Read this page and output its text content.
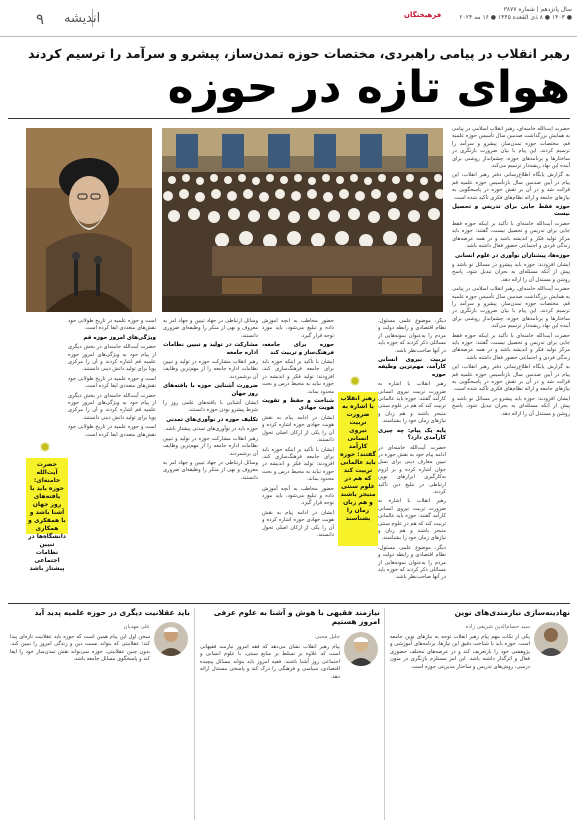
۹ اندیشه	فرهیختگان
سال پانزدهم | شماره ۳۸۷۷
● ۱۴۰۳ ● ۸ ذی القعده ۱۴۴۵ ● ۱۶ مه ۲۰۲۴
رهبر انقلاب در پیامی راهبردی، مختصات حوزه تمدن‌ساز، پیشرو و سرآمد را ترسیم کردند
هوای تازه در حوزه

حضرت آیت‌الله خامنه‌ای، رهبر انقلاب اسلامی در پیامی به همایش بزرگداشت صدمین سال تأسیس حوزه علمیه قم، مختصات حوزه تمدن‌ساز، پیشرو و سرآمد را ترسیم کردند. این پیام با بیان ضرورت بازنگری در ساختارها و برنامه‌های حوزه، چشم‌انداز روشنی برای آینده این نهاد ریشه‌دار ترسیم می‌کند.

به گزارش پایگاه اطلاع‌رسانی دفتر رهبر انقلاب، این پیام در آیین صدمین سال بازتأسیس حوزه علمیه قم قرائت شد و در آن بر نقش حوزه در پاسخگویی به نیازهای جامعه و ارائه نظام‌های فکری تأکید شده است.

حوزه فقط جایی برای تدریس و تحصیل نیست

حضرت آیت‌الله خامنه‌ای با تأکید بر اینکه حوزه فقط جایی برای تدریس و تحصیل نیست، گفتند: حوزه باید مرکز تولید فکر و اندیشه باشد و در همه عرصه‌های زندگی فردی و اجتماعی حضور فعال داشته باشد.

حوزه‌ها، پیشتازان نوآوری در علوم انسانی

ایشان افزودند: حوزه باید پیشرو در مسائل نو باشد و پیش از آنکه مسئله‌ای به بحران تبدیل شود، پاسخ روشن و مستدل آن را ارائه دهد.

حضرت آیت‌الله خامنه‌ای، رهبر انقلاب اسلامی در پیامی به همایش بزرگداشت صدمین سال تأسیس حوزه علمیه قم، مختصات حوزه تمدن‌ساز، پیشرو و سرآمد را ترسیم کردند. این پیام با بیان ضرورت بازنگری در ساختارها و برنامه‌های حوزه، چشم‌انداز روشنی برای آینده این نهاد ریشه‌دار ترسیم می‌کند.

حضرت آیت‌الله خامنه‌ای با تأکید بر اینکه حوزه فقط جایی برای تدریس و تحصیل نیست، گفتند: حوزه باید مرکز تولید فکر و اندیشه باشد و در همه عرصه‌های زندگی فردی و اجتماعی حضور فعال داشته باشد.

به گزارش پایگاه اطلاع‌رسانی دفتر رهبر انقلاب، این پیام در آیین صدمین سال بازتأسیس حوزه علمیه قم قرائت شد و در آن بر نقش حوزه در پاسخگویی به نیازهای جامعه و ارائه نظام‌های فکری تأکید شده است.

ایشان افزودند: حوزه باید پیشرو در مسائل نو باشد و پیش از آنکه مسئله‌ای به بحران تبدیل شود، پاسخ روشن و مستدل آن را ارائه دهد.

دیگر، موضوع علمی مسئول، نظام اقتصادی و رابطه دولت و مردم را به‌عنوان نمونه‌هایی از مسائلی ذکر کردند که حوزه باید در آنها صاحب‌نظر باشد.

تربیت نیروی انسانی کارآمد، مهم‌ترین وظیفه حوزه

رهبر انقلاب با اشاره به ضرورت تربیت نیروی انسانی کارآمد گفتند: حوزه باید عالمانی تربیت کند که هم در علوم سنتی متبحر باشند و هم زبان و نیازهای زمان خود را بشناسند.

پایه یک پیام: چه چیزی کارآمدی دارد؟

حضرت آیت‌الله خامنه‌ای در ادامه پیام خود به نقش حوزه در تبیین معارف دینی برای نسل جوان اشاره کرده و بر لزوم به‌کارگیری ابزارهای نوین ارتباطی در تبلیغ دین تأکید کردند.

رهبر انقلاب با اشاره به ضرورت تربیت نیروی انسانی کارآمد گفتند: حوزه باید عالمانی تربیت کند که هم در علوم سنتی متبحر باشند و هم زبان و نیازهای زمان خود را بشناسند.

دیگر، موضوع علمی مسئول، نظام اقتصادی و رابطه دولت و مردم را به‌عنوان نمونه‌هایی از مسائلی ذکر کردند که حوزه باید در آنها صاحب‌نظر باشد.

✹
رهبر انقلاب با اشاره به ضرورت تربیت نیروی انسانی کارآمد گفتند: حوزه باید عالمانی تربیت کند که هم در علوم سنتی متبحر باشند و هم زبان زمان را بشناسند

حضور مخاطب به آنچه آموزش داده و تبلیغ می‌شود، باید مورد توجه قرار گیرد.

حوزه برای جامعه، فرهنگ‌ساز و تربیت کند

ایشان با تأکید بر اینکه حوزه باید برای جامعه فرهنگ‌سازی کند، افزودند: تولید فکر و اندیشه در حوزه نباید به محیط درس و بحث محدود بماند.

شناخت و حفظ و تقویت هویت جهادی

ایشان در ادامه پیام به نقش هویت جهادی حوزه اشاره کرده و آن را یکی از ارکان اصلی تحول دانستند.

ایشان با تأکید بر اینکه حوزه باید برای جامعه فرهنگ‌سازی کند، افزودند: تولید فکر و اندیشه در حوزه نباید به محیط درس و بحث محدود بماند.

حضور مخاطب به آنچه آموزش داده و تبلیغ می‌شود، باید مورد توجه قرار گیرد.

ایشان در ادامه پیام به نقش هویت جهادی حوزه اشاره کرده و آن را یکی از ارکان اصلی تحول دانستند.

وسائل ارتباطی در جهاد تبیین و جهاد امر به معروف و نهی از منکر را وظیفه‌ای ضروری دانستند.

مشارکت در تولید و تبیین نظامات اداره جامعه

رهبر انقلاب مشارکت حوزه در تولید و تبیین نظامات اداره جامعه را از مهم‌ترین وظایف آن برشمردند.

ضرورت آشنایی حوزه با یافته‌های روز جهان

ایشان آشنایی با یافته‌های علمی روز را شرط پیشرو بودن حوزه دانستند.

تکلیف حوزه در نوآوری‌های تمدنی

حوزه باید در نوآوری‌های تمدنی پیشتاز باشد.

رهبر انقلاب مشارکت حوزه در تولید و تبیین نظامات اداره جامعه را از مهم‌ترین وظایف آن برشمردند.

وسائل ارتباطی در جهاد تبیین و جهاد امر به معروف و نهی از منکر را وظیفه‌ای ضروری دانستند.

است و حوزه علمیه در تاریخ طولانی خود نقش‌های متعددی ایفا کرده است.

ویژگی‌های امروز حوزه قم

حضرت آیت‌الله خامنه‌ای در بخش دیگری از پیام خود به ویژگی‌های امروز حوزه علمیه قم اشاره کردند و آن را مرکزی پویا برای تولید دانش دینی دانستند.

است و حوزه علمیه در تاریخ طولانی خود نقش‌های متعددی ایفا کرده است.

حضرت آیت‌الله خامنه‌ای در بخش دیگری از پیام خود به ویژگی‌های امروز حوزه علمیه قم اشاره کردند و آن را مرکزی پویا برای تولید دانش دینی دانستند.

است و حوزه علمیه در تاریخ طولانی خود نقش‌های متعددی ایفا کرده است.

✹
حضرت آیت‌الله خامنه‌ای: حوزه باید با یافته‌های روز جهان آشنا باشد و با همفکری و همکاری دانشگاه‌ها در تبیین نظامات اجتماعی پیشتاز باشد
نهادینه‌سازی نیازمندی‌های نوین
سید حسام‌الدین شریفی زاده
یکی از نکات مهم پیام رهبر انقلاب توجه به نیازهای نوین جامعه است. حوزه باید با شناخت دقیق این نیازها، برنامه‌های آموزشی و پژوهشی خود را بازتعریف کند و در عرصه‌های مختلف حضوری فعال و اثرگذار داشته باشد. این امر مستلزم بازنگری در متون درسی، روش‌های تدریس و ساختار مدیریتی حوزه است.
نیازمند فقیهی با هوش و آشنا به علوم عرفی امروز هستیم
جلیل محبی
پیام رهبر انقلاب نشان می‌دهد که فقه امروز نیازمند فقیهانی است که علاوه بر تسلط بر منابع سنتی، با علوم انسانی و اجتماعی روز آشنا باشند. فقیه امروز باید بتواند مسائل پیچیده اقتصادی، سیاسی و فرهنگی را درک کند و پاسخی مستدل ارائه دهد.
باید عقلانیت دیگری در حوزه علمیه پدید آید
علی مهدیان
سخن اول این پیام همین است که حوزه باید عقلانیت تازه‌ای پیدا کند؛ عقلانیتی که بتواند نسبت دین و زندگی امروز را تبیین کند. بدون چنین عقلانیتی، حوزه نمی‌تواند نقش تمدن‌ساز خود را ایفا کند و پاسخگوی مسائل جامعه باشد.
